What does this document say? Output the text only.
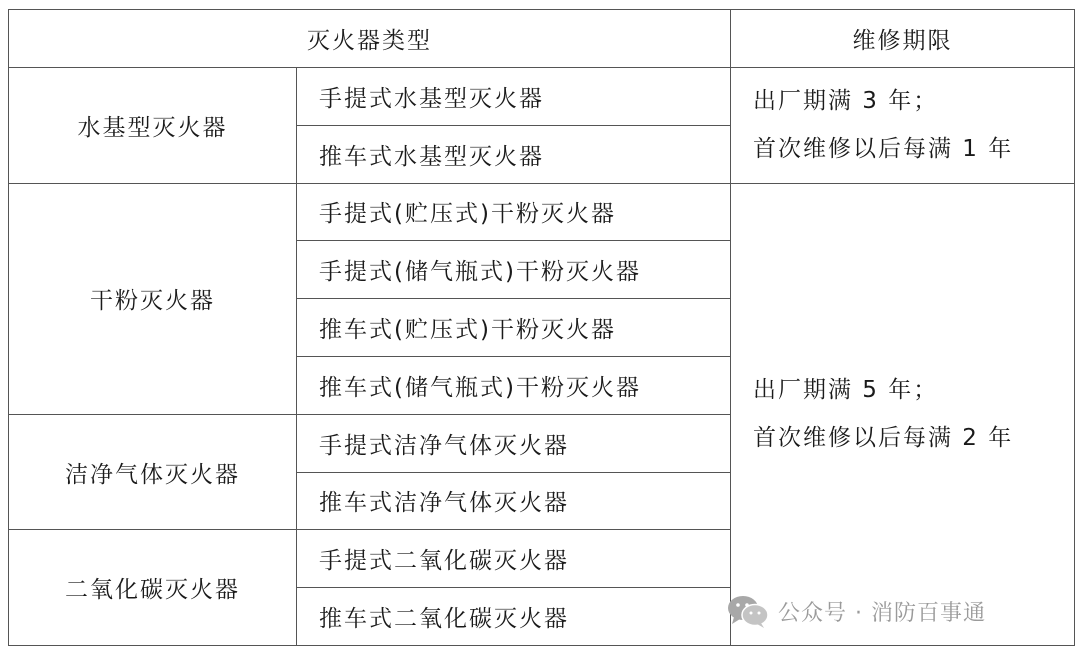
灭火器类型		维修期限
水基型灭火器	手提式水基型灭火器	出厂期满 3 年；
首次维修以后每满 1 年

	推车式水基型灭火器	
干粉灭火器	手提式(贮压式)干粉灭火器	出厂期满 5 年；
首次维修以后每满 2 年

	手提式(储气瓶式)干粉灭火器	
	推车式(贮压式)干粉灭火器	
	推车式(储气瓶式)干粉灭火器	
洁净气体灭火器	手提式洁净气体灭火器	
	推车式洁净气体灭火器	
二氧化碳灭火器	手提式二氧化碳灭火器	
	推车式二氧化碳灭火器		公众号 · 消防百事通
